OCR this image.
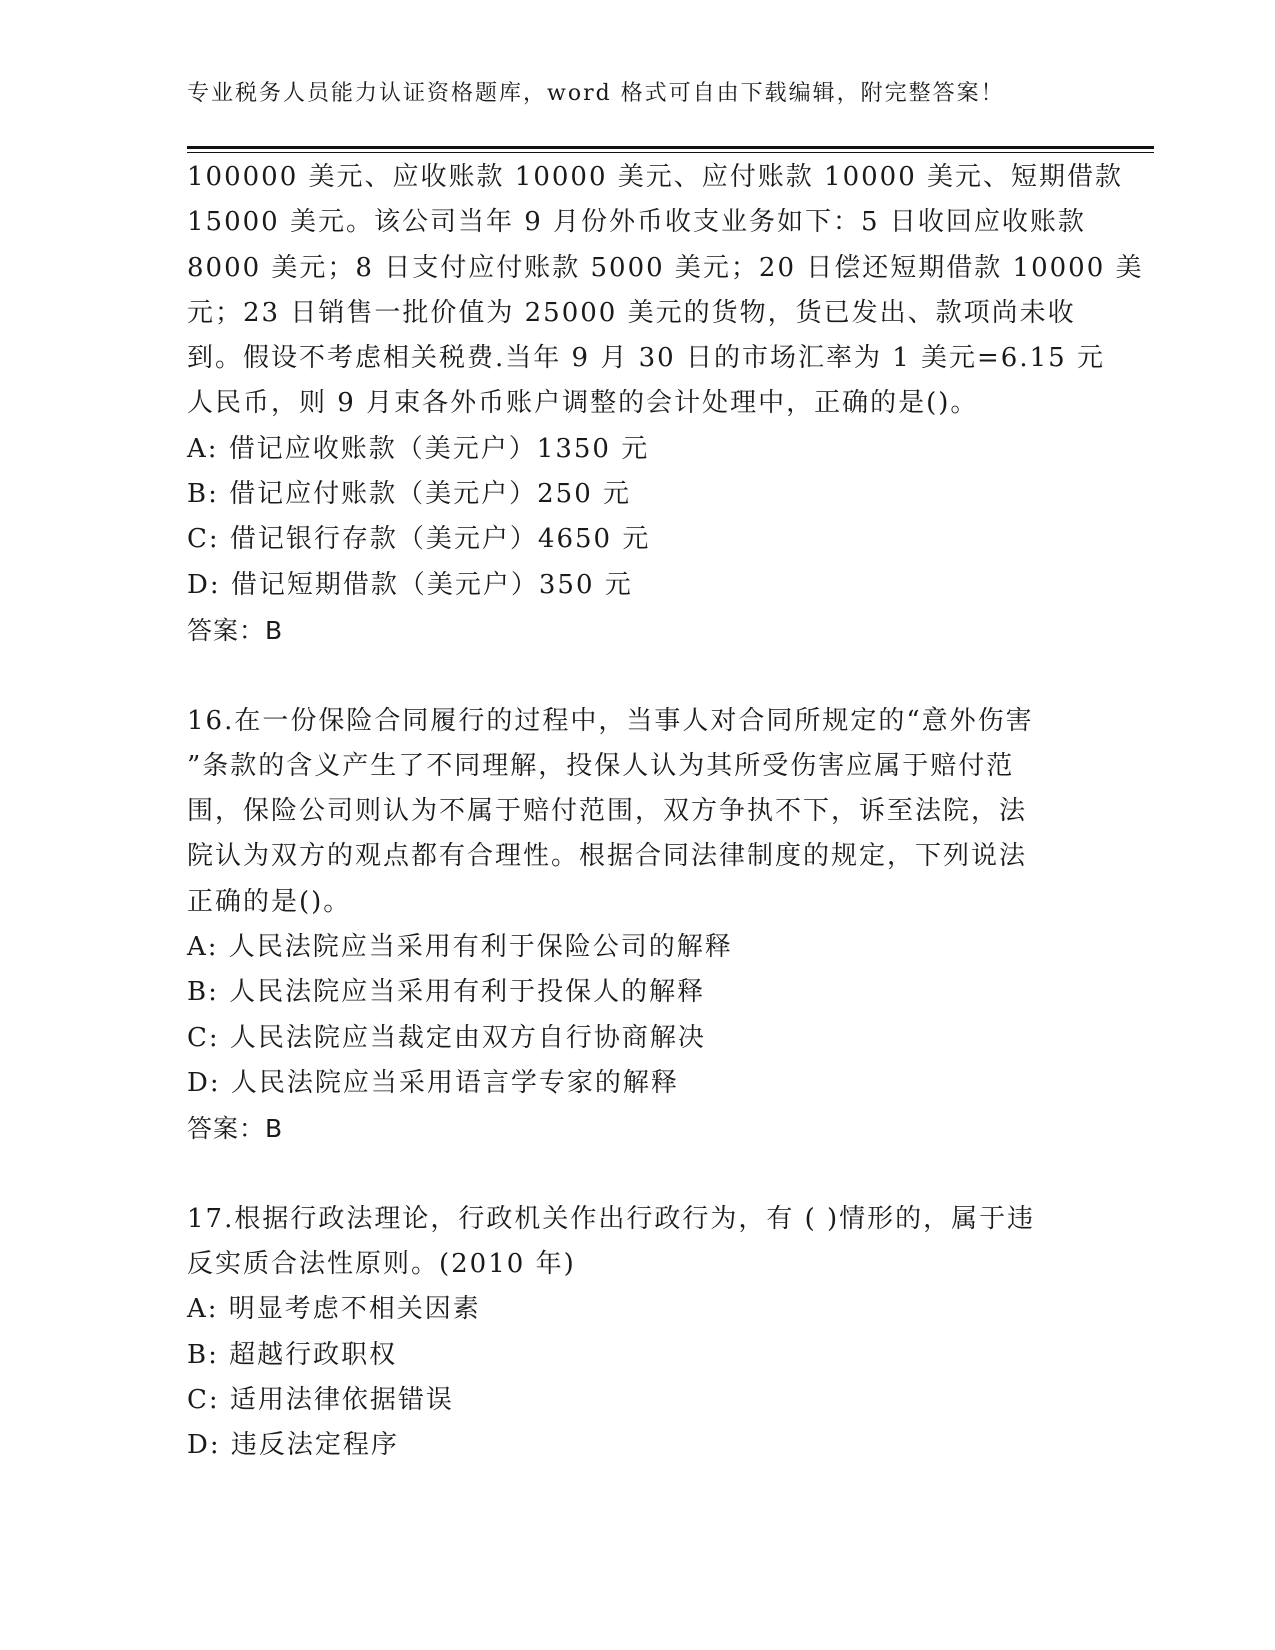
专业税务人员能力认证资格题库，word 格式可自由下载编辑，附完整答案！
100000 美元、应收账款 10000 美元、应付账款 10000 美元、短期借款
15000 美元。该公司当年 9 月份外币收支业务如下：5 日收回应收账款
8000 美元；8 日支付应付账款 5000 美元；20 日偿还短期借款 10000 美
元；23 日销售一批价值为 25000 美元的货物，货已发出、款项尚未收
到。假设不考虑相关税费.当年 9 月 30 日的市场汇率为 1 美元=6.15 元
人民币，则 9 月束各外币账户调整的会计处理中，正确的是()。
A: 借记应收账款（美元户）1350 元
B: 借记应付账款（美元户）250 元
C: 借记银行存款（美元户）4650 元
D: 借记短期借款（美元户）350 元
答案：B
16.在一份保险合同履行的过程中，当事人对合同所规定的“意外伤害
”条款的含义产生了不同理解，投保人认为其所受伤害应属于赔付范
围，保险公司则认为不属于赔付范围，双方争执不下，诉至法院，法
院认为双方的观点都有合理性。根据合同法律制度的规定，下列说法
正确的是()。
A: 人民法院应当采用有利于保险公司的解释
B: 人民法院应当采用有利于投保人的解释
C: 人民法院应当裁定由双方自行协商解决
D: 人民法院应当采用语言学专家的解释
答案：B
17.根据行政法理论，行政机关作出行政行为，有 ( )情形的，属于违
反实质合法性原则。(2010 年)
A: 明显考虑不相关因素
B: 超越行政职权
C: 适用法律依据错误
D: 违反法定程序
